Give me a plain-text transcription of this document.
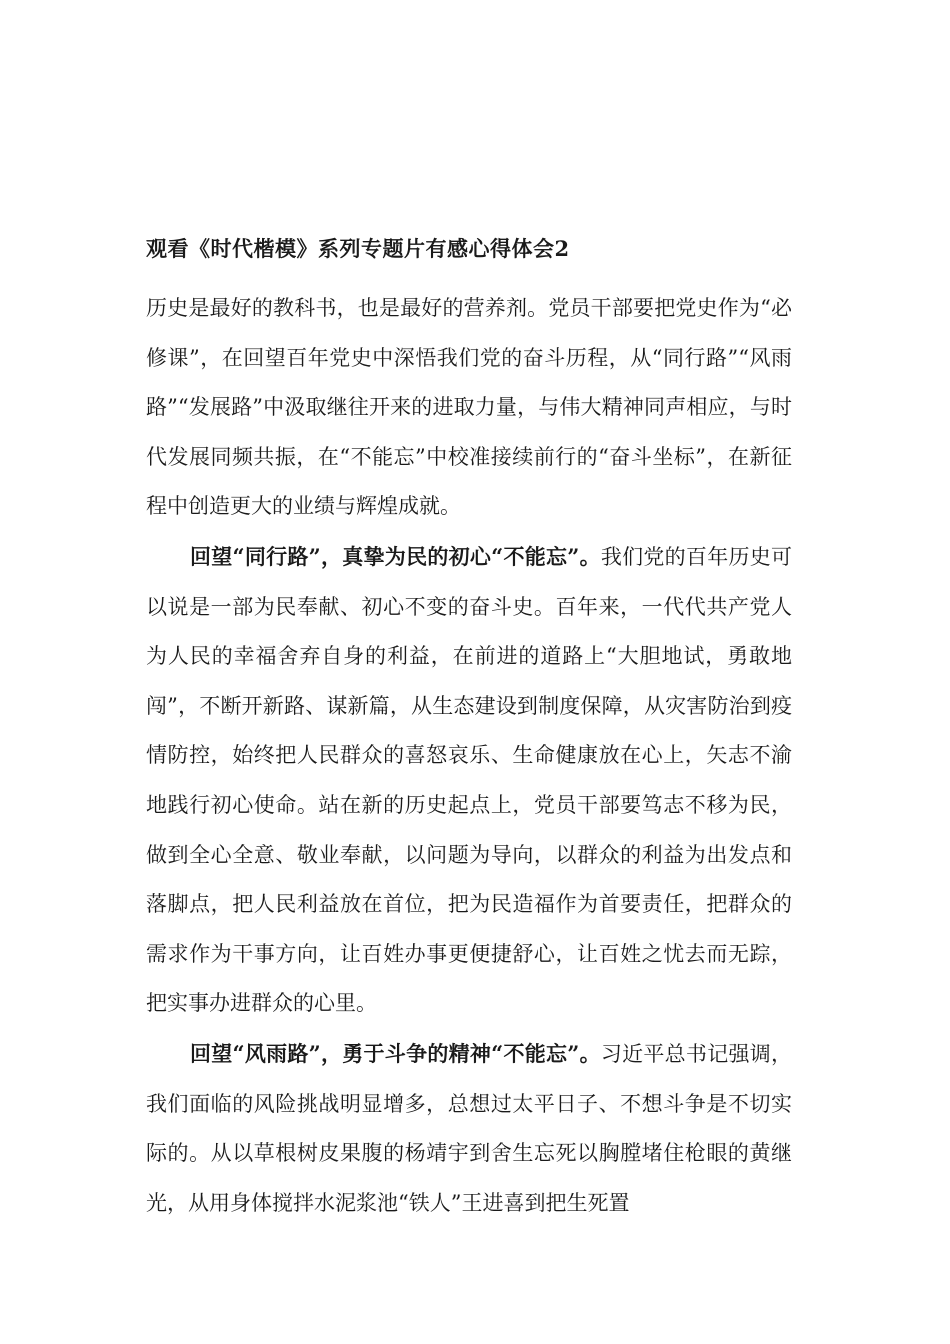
观看《时代楷模》系列专题片有感心得体会2

历史是最好的教科书，也是最好的营养剂。党员干部要把党史作为“必修课”，在回望百年党史中深悟我们党的奋斗历程，从“同行路”“风雨路”“发展路”中汲取继往开来的进取力量，与伟大精神同声相应，与时代发展同频共振，在“不能忘”中校准接续前行的“奋斗坐标”，在新征程中创造更大的业绩与辉煌成就。

回望“同行路”，真挚为民的初心“不能忘”。我们党的百年历史可以说是一部为民奉献、初心不变的奋斗史。百年来，一代代共产党人为人民的幸福舍弃自身的利益，在前进的道路上“大胆地试，勇敢地闯”，不断开新路、谋新篇，从生态建设到制度保障，从灾害防治到疫情防控，始终把人民群众的喜怒哀乐、生命健康放在心上，矢志不渝地践行初心使命。站在新的历史起点上，党员干部要笃志不移为民，做到全心全意、敬业奉献，以问题为导向，以群众的利益为出发点和落脚点，把人民利益放在首位，把为民造福作为首要责任，把群众的需求作为干事方向，让百姓办事更便捷舒心，让百姓之忧去而无踪，把实事办进群众的心里。

回望“风雨路”，勇于斗争的精神“不能忘”。习近平总书记强调，我们面临的风险挑战明显增多，总想过太平日子、不想斗争是不切实际的。从以草根树皮果腹的杨靖宇到舍生忘死以胸膛堵住枪眼的黄继光，从用身体搅拌水泥浆池“铁人”王进喜到把生死置
